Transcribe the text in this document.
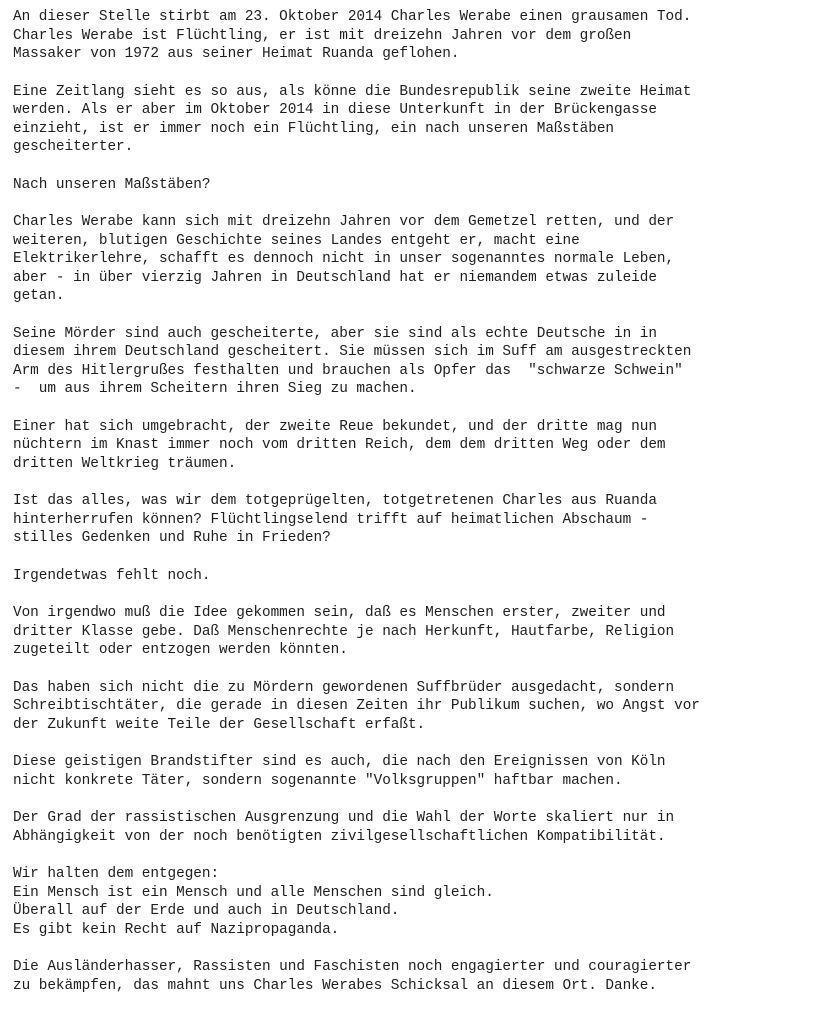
An dieser Stelle stirbt am 23. Oktober 2014 Charles Werabe einen grausamen Tod.
Charles Werabe ist Flüchtling, er ist mit dreizehn Jahren vor dem großen
Massaker von 1972 aus seiner Heimat Ruanda geflohen.

Eine Zeitlang sieht es so aus, als könne die Bundesrepublik seine zweite Heimat
werden. Als er aber im Oktober 2014 in diese Unterkunft in der Brückengasse
einzieht, ist er immer noch ein Flüchtling, ein nach unseren Maßstäben
gescheiterter.

Nach unseren Maßstäben?

Charles Werabe kann sich mit dreizehn Jahren vor dem Gemetzel retten, und der
weiteren, blutigen Geschichte seines Landes entgeht er, macht eine
Elektrikerlehre, schafft es dennoch nicht in unser sogenanntes normale Leben,
aber - in über vierzig Jahren in Deutschland hat er niemandem etwas zuleide
getan.

Seine Mörder sind auch gescheiterte, aber sie sind als echte Deutsche in in
diesem ihrem Deutschland gescheitert. Sie müssen sich im Suff am ausgestreckten
Arm des Hitlergrußes festhalten und brauchen als Opfer das  "schwarze Schwein"
-  um aus ihrem Scheitern ihren Sieg zu machen.

Einer hat sich umgebracht, der zweite Reue bekundet, und der dritte mag nun
nüchtern im Knast immer noch vom dritten Reich, dem dem dritten Weg oder dem
dritten Weltkrieg träumen.

Ist das alles, was wir dem totgeprügelten, totgetretenen Charles aus Ruanda
hinterherrufen können? Flüchtlingselend trifft auf heimatlichen Abschaum -
stilles Gedenken und Ruhe in Frieden?

Irgendetwas fehlt noch.

Von irgendwo muß die Idee gekommen sein, daß es Menschen erster, zweiter und
dritter Klasse gebe. Daß Menschenrechte je nach Herkunft, Hautfarbe, Religion
zugeteilt oder entzogen werden könnten.

Das haben sich nicht die zu Mördern gewordenen Suffbrüder ausgedacht, sondern
Schreibtischtäter, die gerade in diesen Zeiten ihr Publikum suchen, wo Angst vor
der Zukunft weite Teile der Gesellschaft erfaßt.

Diese geistigen Brandstifter sind es auch, die nach den Ereignissen von Köln
nicht konkrete Täter, sondern sogenannte "Volksgruppen" haftbar machen.

Der Grad der rassistischen Ausgrenzung und die Wahl der Worte skaliert nur in
Abhängigkeit von der noch benötigten zivilgesellschaftlichen Kompatibilität.

Wir halten dem entgegen:
Ein Mensch ist ein Mensch und alle Menschen sind gleich.
Überall auf der Erde und auch in Deutschland.
Es gibt kein Recht auf Nazipropaganda.

Die Ausländerhasser, Rassisten und Faschisten noch engagierter und couragierter
zu bekämpfen, das mahnt uns Charles Werabes Schicksal an diesem Ort. Danke.
